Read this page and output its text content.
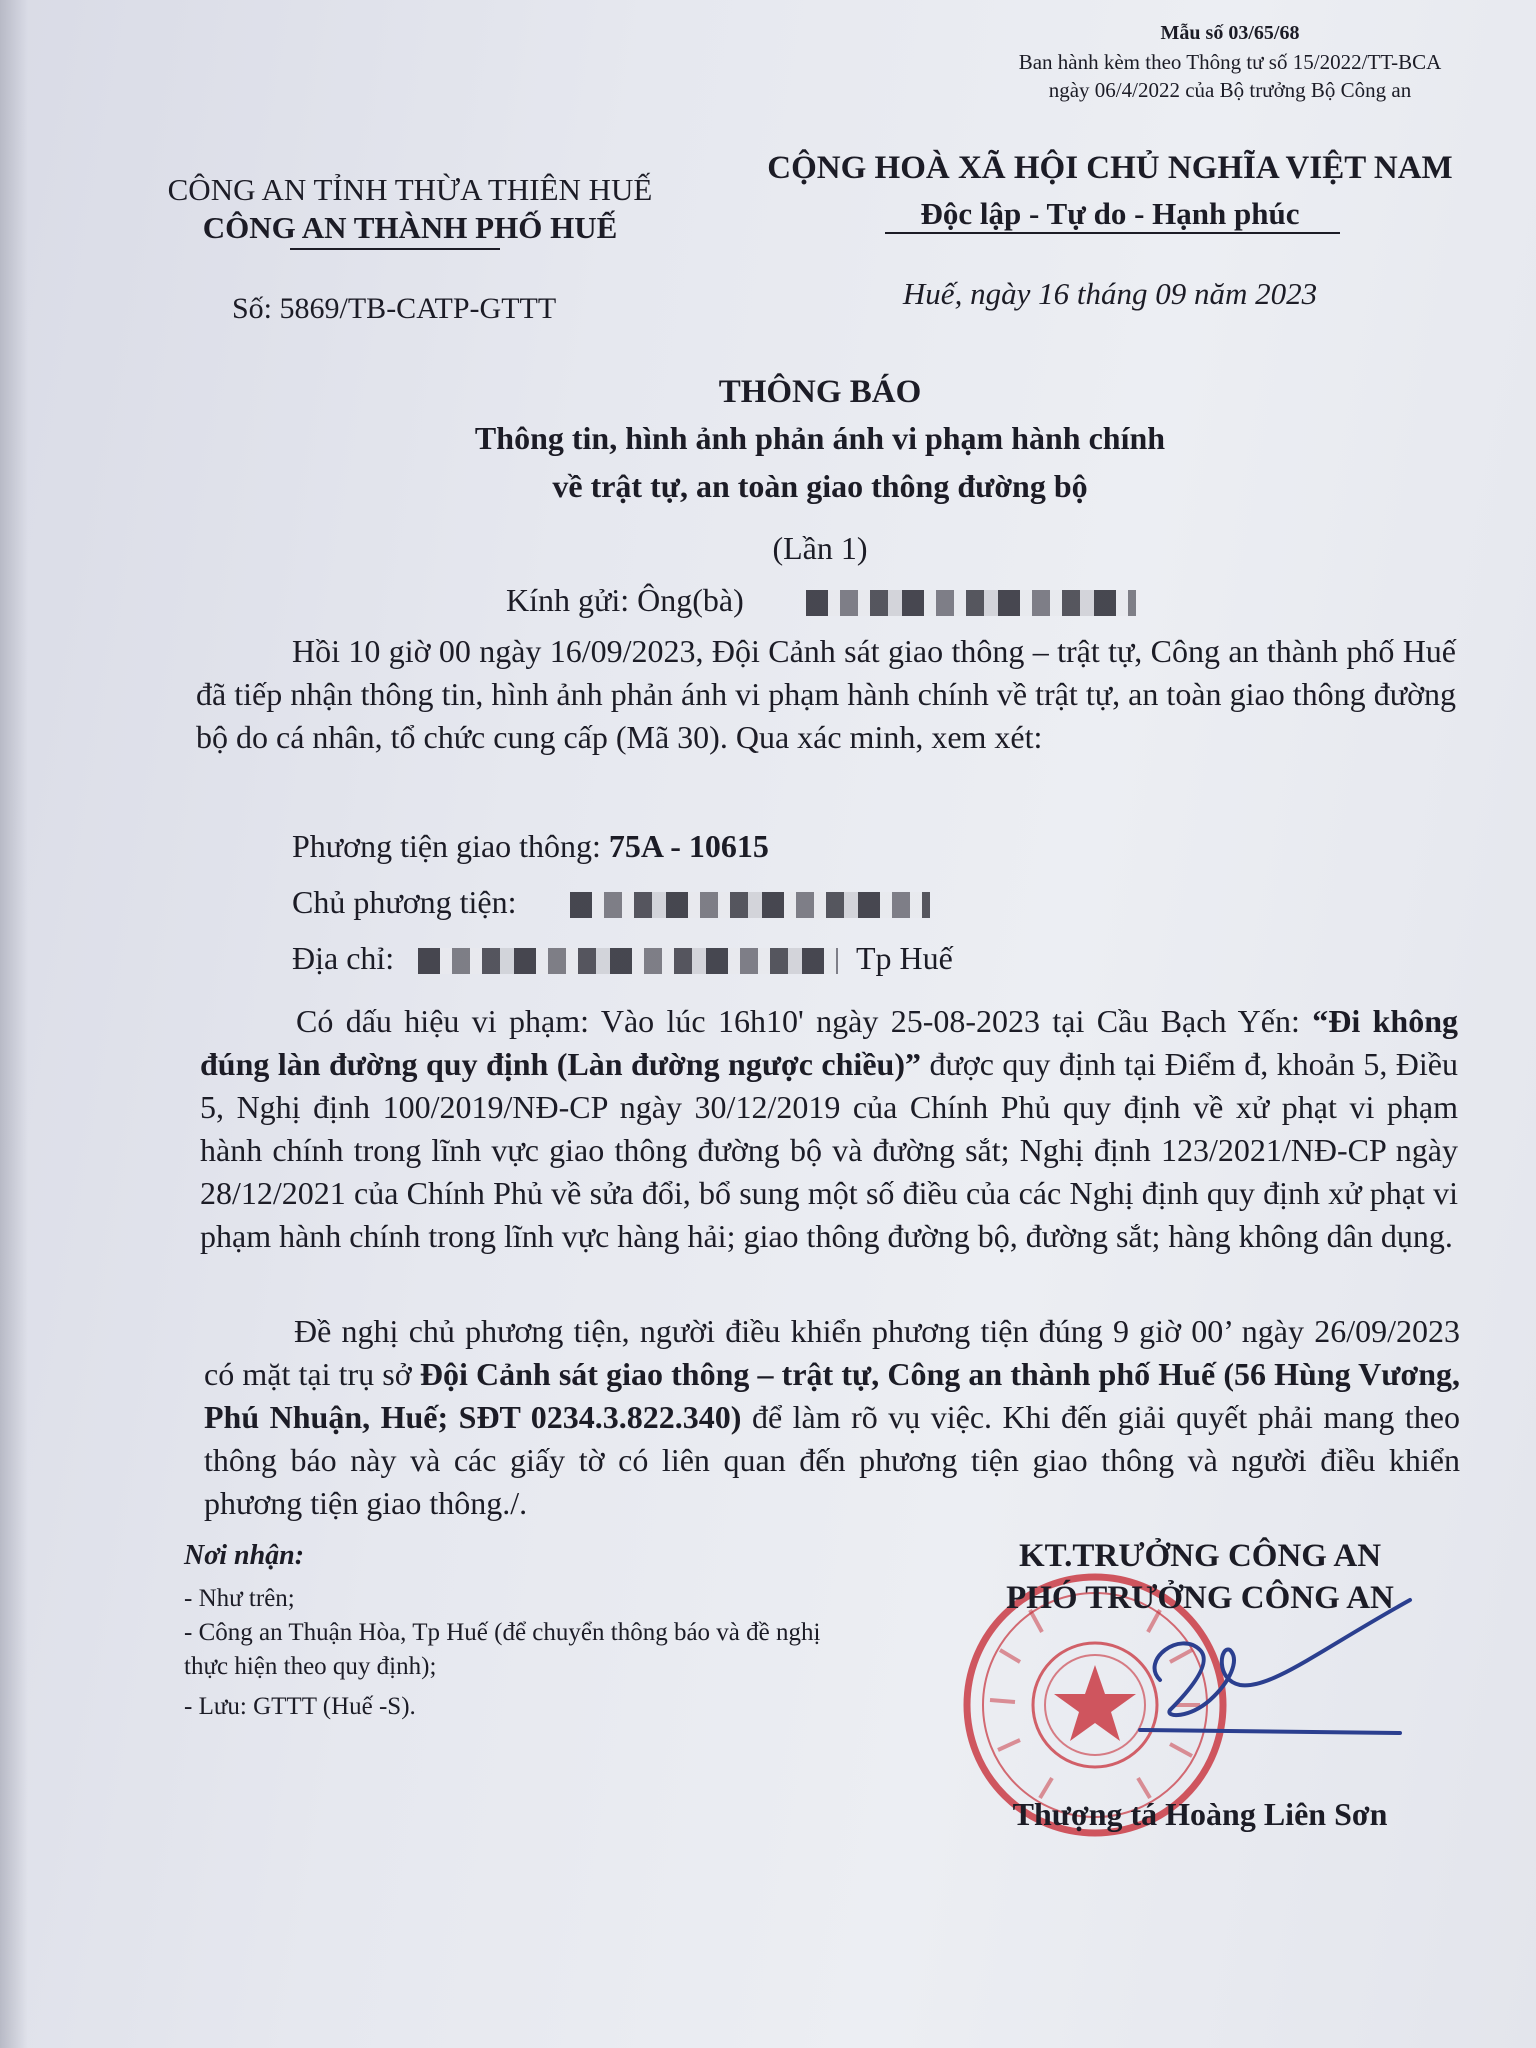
Mẫu số 03/65/68
Ban hành kèm theo Thông tư số 15/2022/TT-BCA
ngày 06/4/2022 của Bộ trưởng Bộ Công an
CÔNG AN TỈNH THỪA THIÊN HUẾ
CÔNG AN THÀNH PHỐ HUẾ
Số: 5869/TB-CATP-GTTT
CỘNG HOÀ XÃ HỘI CHỦ NGHĨA VIỆT NAM
Độc lập - Tự do - Hạnh phúc
Huế, ngày 16 tháng 09 năm 2023
THÔNG BÁO
Thông tin, hình ảnh phản ánh vi phạm hành chính
về trật tự, an toàn giao thông đường bộ
(Lần 1)
Kính gửi: Ông(bà)
Hồi 10 giờ 00 ngày 16/09/2023, Đội Cảnh sát giao thông – trật tự, Công an thành phố Huế đã tiếp nhận thông tin, hình ảnh phản ánh vi phạm hành chính về trật tự, an toàn giao thông đường bộ do cá nhân, tổ chức cung cấp (Mã 30). Qua xác minh, xem xét:
Phương tiện giao thông: 75A - 10615
Chủ phương tiện:
Địa chỉ:	Tp Huế
Có dấu hiệu vi phạm: Vào lúc 16h10' ngày 25-08-2023 tại Cầu Bạch Yến: “Đi không đúng làn đường quy định (Làn đường ngược chiều)” được quy định tại Điểm đ, khoản 5, Điều 5, Nghị định 100/2019/NĐ-CP ngày 30/12/2019 của Chính Phủ quy định về xử phạt vi phạm hành chính trong lĩnh vực giao thông đường bộ và đường sắt; Nghị định 123/2021/NĐ-CP ngày 28/12/2021 của Chính Phủ về sửa đổi, bổ sung một số điều của các Nghị định quy định xử phạt vi phạm hành chính trong lĩnh vực hàng hải; giao thông đường bộ, đường sắt; hàng không dân dụng.
Đề nghị chủ phương tiện, người điều khiển phương tiện đúng 9 giờ 00’ ngày 26/09/2023 có mặt tại trụ sở Đội Cảnh sát giao thông – trật tự, Công an thành phố Huế (56 Hùng Vương, Phú Nhuận, Huế; SĐT 0234.3.822.340) để làm rõ vụ việc. Khi đến giải quyết phải mang theo thông báo này và các giấy tờ có liên quan đến phương tiện giao thông và người điều khiển phương tiện giao thông./.
Nơi nhận:
- Như trên;
- Công an Thuận Hòa, Tp Huế (để chuyển thông báo và đề nghị thực hiện theo quy định);
- Lưu: GTTT (Huế -S).
KT.TRƯỞNG CÔNG AN
PHÓ TRƯỞNG CÔNG AN
Thượng tá Hoàng Liên Sơn
